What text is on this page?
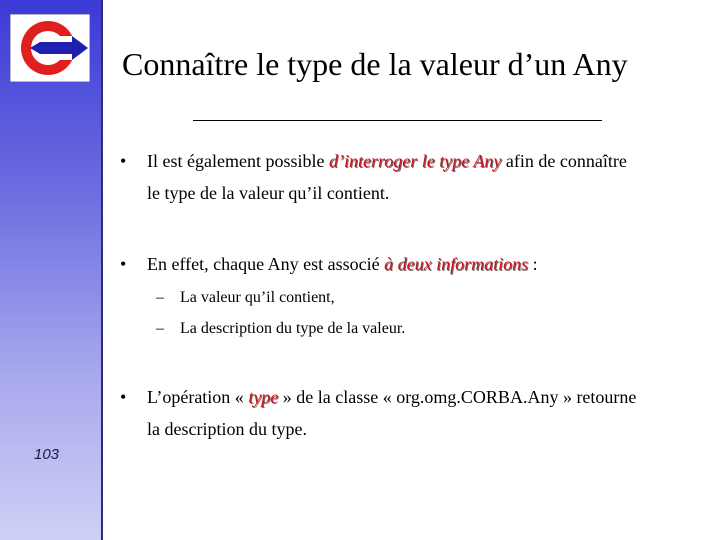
Connaître le type de la valeur d’un Any
• Il est également possible d’interroger le type Any afin de connaître
le type de la valeur qu’il contient.
• En effet, chaque Any est associé à deux informations :
– La valeur qu’il contient,
– La description du type de la valeur.
• L’opération « type » de la classe « org.omg.CORBA.Any » retourne
la description du type.
103
